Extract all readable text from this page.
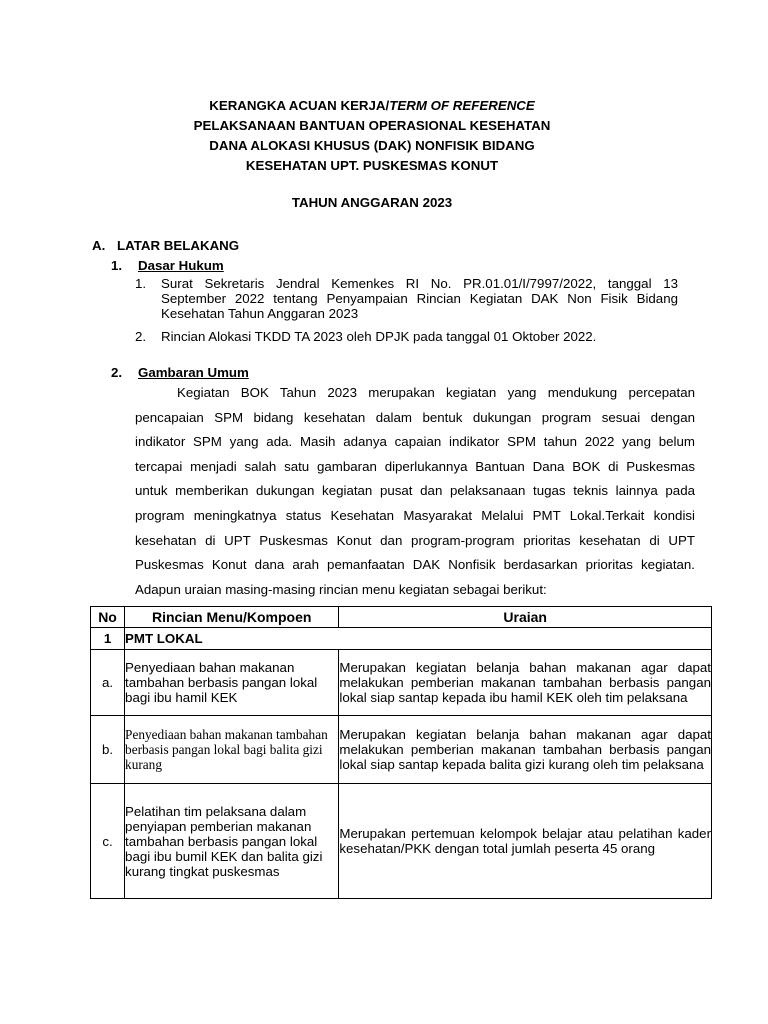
KERANGKA ACUAN KERJA/TERM OF REFERENCE
PELAKSANAAN BANTUAN OPERASIONAL KESEHATAN
DANA ALOKASI KHUSUS (DAK) NONFISIK BIDANG
KESEHATAN UPT. PUSKESMAS KONUT
TAHUN ANGGARAN 2023
A. LATAR BELAKANG
1. Dasar Hukum
1. Surat Sekretaris Jendral Kemenkes RI No. PR.01.01/I/7997/2022, tanggal 13 September 2022 tentang Penyampaian Rincian Kegiatan DAK Non Fisik Bidang Kesehatan Tahun Anggaran 2023
2. Rincian Alokasi TKDD TA 2023 oleh DPJK pada tanggal 01 Oktober 2022.
2. Gambaran Umum
Kegiatan BOK Tahun 2023 merupakan kegiatan yang mendukung percepatan
pencapaian SPM bidang kesehatan dalam bentuk dukungan program sesuai dengan
indikator SPM yang ada. Masih adanya capaian indikator SPM tahun 2022 yang belum
tercapai menjadi salah satu gambaran diperlukannya Bantuan Dana BOK di Puskesmas
untuk memberikan dukungan kegiatan pusat dan pelaksanaan tugas teknis lainnya pada
program meningkatnya status Kesehatan Masyarakat Melalui PMT Lokal.Terkait kondisi
kesehatan di UPT Puskesmas Konut dan program-program prioritas kesehatan di UPT
Puskesmas Konut dana arah pemanfaatan DAK Nonfisik berdasarkan prioritas kegiatan.
Adapun uraian masing-masing rincian menu kegiatan sebagai berikut:
No	Rincian Menu/Kompoen	Uraian
1	PMT LOKAL	
a.	Penyediaan bahan makanan tambahan berbasis pangan lokal bagi ibu hamil KEK	Merupakan kegiatan belanja bahan makanan agar dapat melakukan pemberian makanan tambahan berbasis pangan lokal siap santap kepada ibu hamil KEK oleh tim pelaksana
b.	Penyediaan bahan makanan tambahan berbasis pangan lokal bagi balita gizi kurang	Merupakan kegiatan belanja bahan makanan agar dapat melakukan pemberian makanan tambahan berbasis pangan lokal siap santap kepada balita gizi kurang oleh tim pelaksana
c.	Pelatihan tim pelaksana dalam penyiapan pemberian makanan tambahan berbasis pangan lokal bagi ibu bumil KEK dan balita gizi kurang tingkat puskesmas	Merupakan pertemuan kelompok belajar atau pelatihan kader kesehatan/PKK dengan total jumlah peserta 45 orang
